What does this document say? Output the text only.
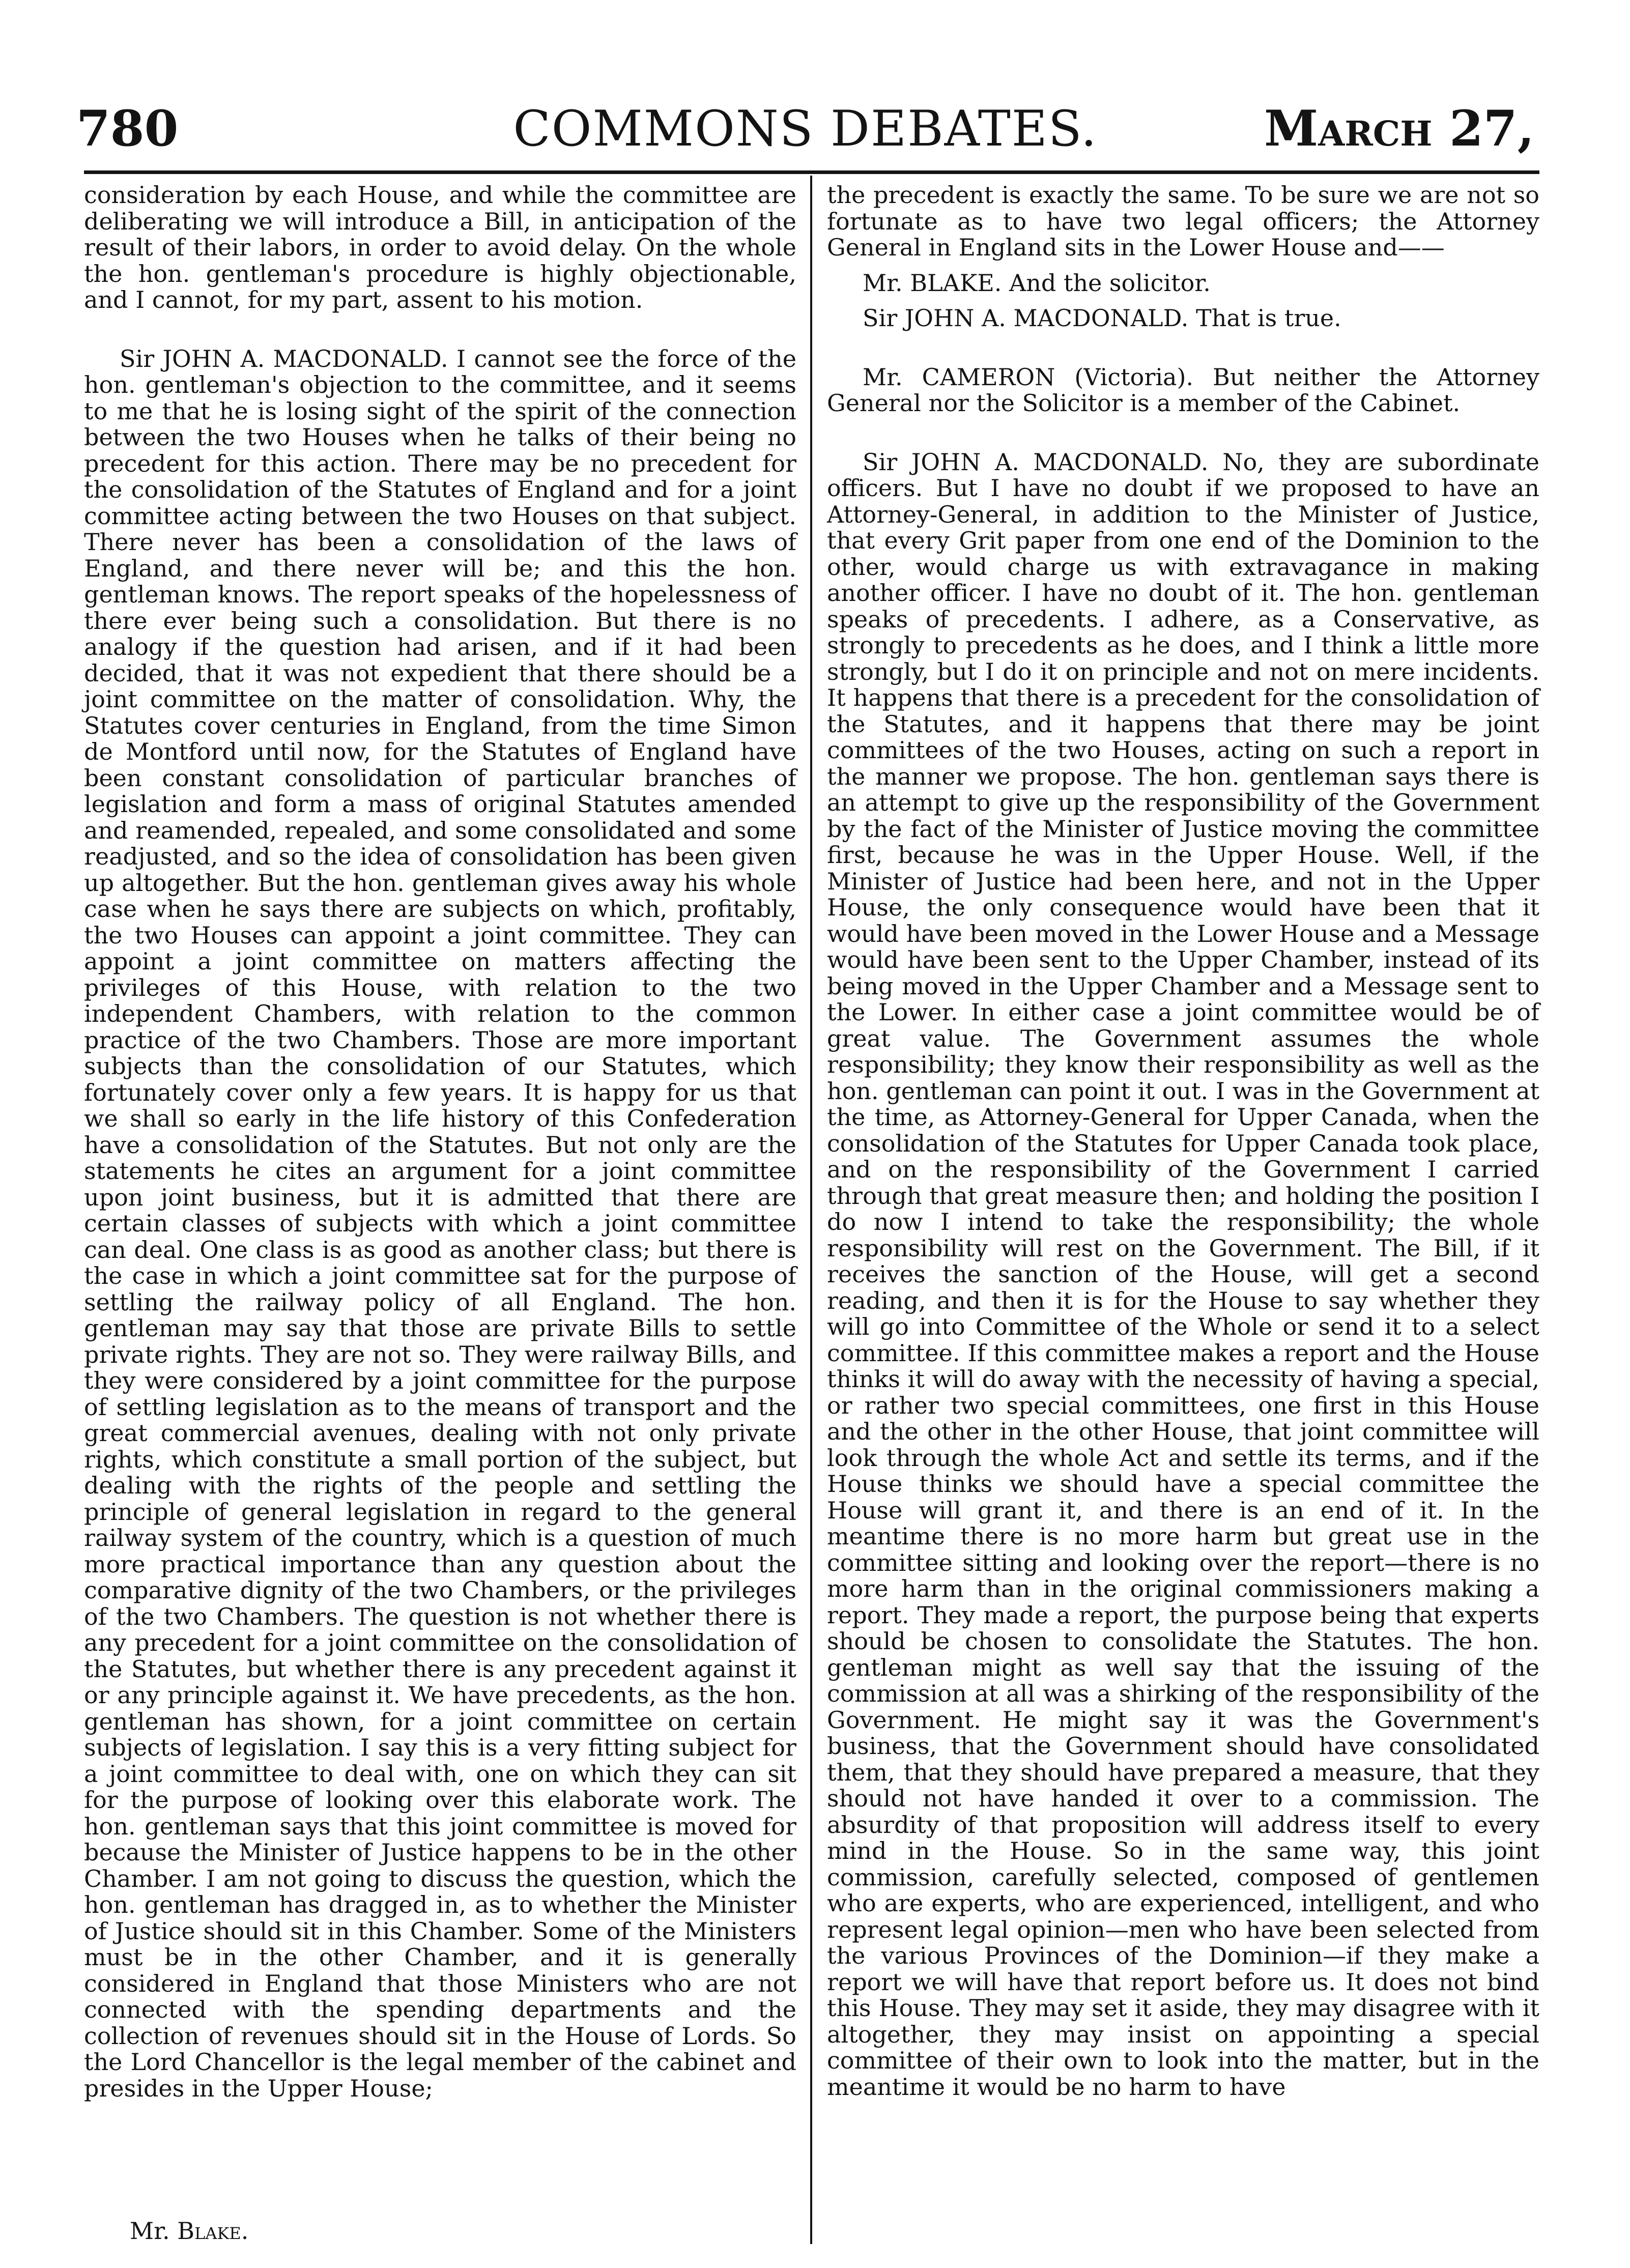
780	COMMONS DEBATES.	March 27,

consideration by each House, and while the committee are deliberating we will introduce a Bill, in anticipation of the result of their labors, in order to avoid delay. On the whole the hon. gentleman's procedure is highly objectionable, and I cannot, for my part, assent to his motion.

Sir JOHN A. MACDONALD. I cannot see the force of the hon. gentleman's objection to the committee, and it seems to me that he is losing sight of the spirit of the connection between the two Houses when he talks of their being no precedent for this action. There may be no precedent for the consolidation of the Statutes of England and for a joint committee acting between the two Houses on that subject. There never has been a consolidation of the laws of England, and there never will be; and this the hon. gentleman knows. The report speaks of the hopelessness of there ever being such a consolidation. But there is no analogy if the question had arisen, and if it had been decided, that it was not expedient that there should be a joint committee on the matter of consolidation. Why, the Statutes cover centuries in England, from the time Simon de Montford until now, for the Statutes of England have been constant consolidation of particular branches of legislation and form a mass of original Statutes amended and reamended, repealed, and some consolidated and some readjusted, and so the idea of consolidation has been given up altogether. But the hon. gentleman gives away his whole case when he says there are subjects on which, profitably, the two Houses can appoint a joint committee. They can appoint a joint committee on matters affecting the privileges of this House, with relation to the two independent Chambers, with relation to the common practice of the two Chambers. Those are more important subjects than the consolidation of our Statutes, which fortunately cover only a few years. It is happy for us that we shall so early in the life history of this Confederation have a consolidation of the Statutes. But not only are the statements he cites an argument for a joint committee upon joint business, but it is admitted that there are certain classes of subjects with which a joint committee can deal. One class is as good as another class; but there is the case in which a joint committee sat for the purpose of settling the railway policy of all England. The hon. gentleman may say that those are private Bills to settle private rights. They are not so. They were railway Bills, and they were considered by a joint committee for the purpose of settling legislation as to the means of transport and the great commercial avenues, dealing with not only private rights, which constitute a small portion of the subject, but dealing with the rights of the people and settling the principle of general legislation in regard to the general railway system of the country, which is a question of much more practical importance than any question about the comparative dignity of the two Chambers, or the privileges of the two Chambers. The question is not whether there is any precedent for a joint committee on the consolidation of the Statutes, but whether there is any precedent against it or any principle against it. We have precedents, as the hon. gentleman has shown, for a joint committee on certain subjects of legislation. I say this is a very fitting subject for a joint committee to deal with, one on which they can sit for the purpose of looking over this elaborate work. The hon. gentleman says that this joint committee is moved for because the Minister of Justice happens to be in the other Chamber. I am not going to discuss the question, which the hon. gentleman has dragged in, as to whether the Minister of Justice should sit in this Chamber. Some of the Ministers must be in the other Chamber, and it is generally considered in England that those Ministers who are not connected with the spending departments and the collection of revenues should sit in the House of Lords. So the Lord Chancellor is the legal member of the cabinet and presides in the Upper House;

the precedent is exactly the same. To be sure we are not so fortunate as to have two legal officers; the Attorney General in England sits in the Lower House and——

Mr. BLAKE. And the solicitor.

Sir JOHN A. MACDONALD. That is true.

Mr. CAMERON (Victoria). But neither the Attorney General nor the Solicitor is a member of the Cabinet.

Sir JOHN A. MACDONALD. No, they are subordinate officers. But I have no doubt if we proposed to have an Attorney-General, in addition to the Minister of Justice, that every Grit paper from one end of the Dominion to the other, would charge us with extravagance in making another officer. I have no doubt of it. The hon. gentleman speaks of precedents. I adhere, as a Conservative, as strongly to precedents as he does, and I think a little more strongly, but I do it on principle and not on mere incidents. It happens that there is a precedent for the consolidation of the Statutes, and it happens that there may be joint committees of the two Houses, acting on such a report in the manner we propose. The hon. gentleman says there is an attempt to give up the responsibility of the Government by the fact of the Minister of Justice moving the committee first, because he was in the Upper House. Well, if the Minister of Justice had been here, and not in the Upper House, the only consequence would have been that it would have been moved in the Lower House and a Message would have been sent to the Upper Chamber, instead of its being moved in the Upper Chamber and a Message sent to the Lower. In either case a joint committee would be of great value. The Government assumes the whole responsibility; they know their responsibility as well as the hon. gentleman can point it out. I was in the Government at the time, as Attorney-General for Upper Canada, when the consolidation of the Statutes for Upper Canada took place, and on the responsibility of the Government I carried through that great measure then; and holding the position I do now I intend to take the responsibility; the whole responsibility will rest on the Government. The Bill, if it receives the sanction of the House, will get a second reading, and then it is for the House to say whether they will go into Committee of the Whole or send it to a select committee. If this committee makes a report and the House thinks it will do away with the necessity of having a special, or rather two special committees, one first in this House and the other in the other House, that joint committee will look through the whole Act and settle its terms, and if the House thinks we should have a special committee the House will grant it, and there is an end of it. In the meantime there is no more harm but great use in the committee sitting and looking over the report—there is no more harm than in the original commissioners making a report. They made a report, the purpose being that experts should be chosen to consolidate the Statutes. The hon. gentleman might as well say that the issuing of the commission at all was a shirking of the responsibility of the Government. He might say it was the Government's business, that the Government should have consolidated them, that they should have prepared a measure, that they should not have handed it over to a commission. The absurdity of that proposition will address itself to every mind in the House. So in the same way, this joint commission, carefully selected, composed of gentlemen who are experts, who are experienced, intelligent, and who represent legal opinion—men who have been selected from the various Provinces of the Dominion—if they make a report we will have that report before us. It does not bind this House. They may set it aside, they may disagree with it altogether, they may insist on appointing a special committee of their own to look into the matter, but in the meantime it would be no harm to have

Mr. Blake.
